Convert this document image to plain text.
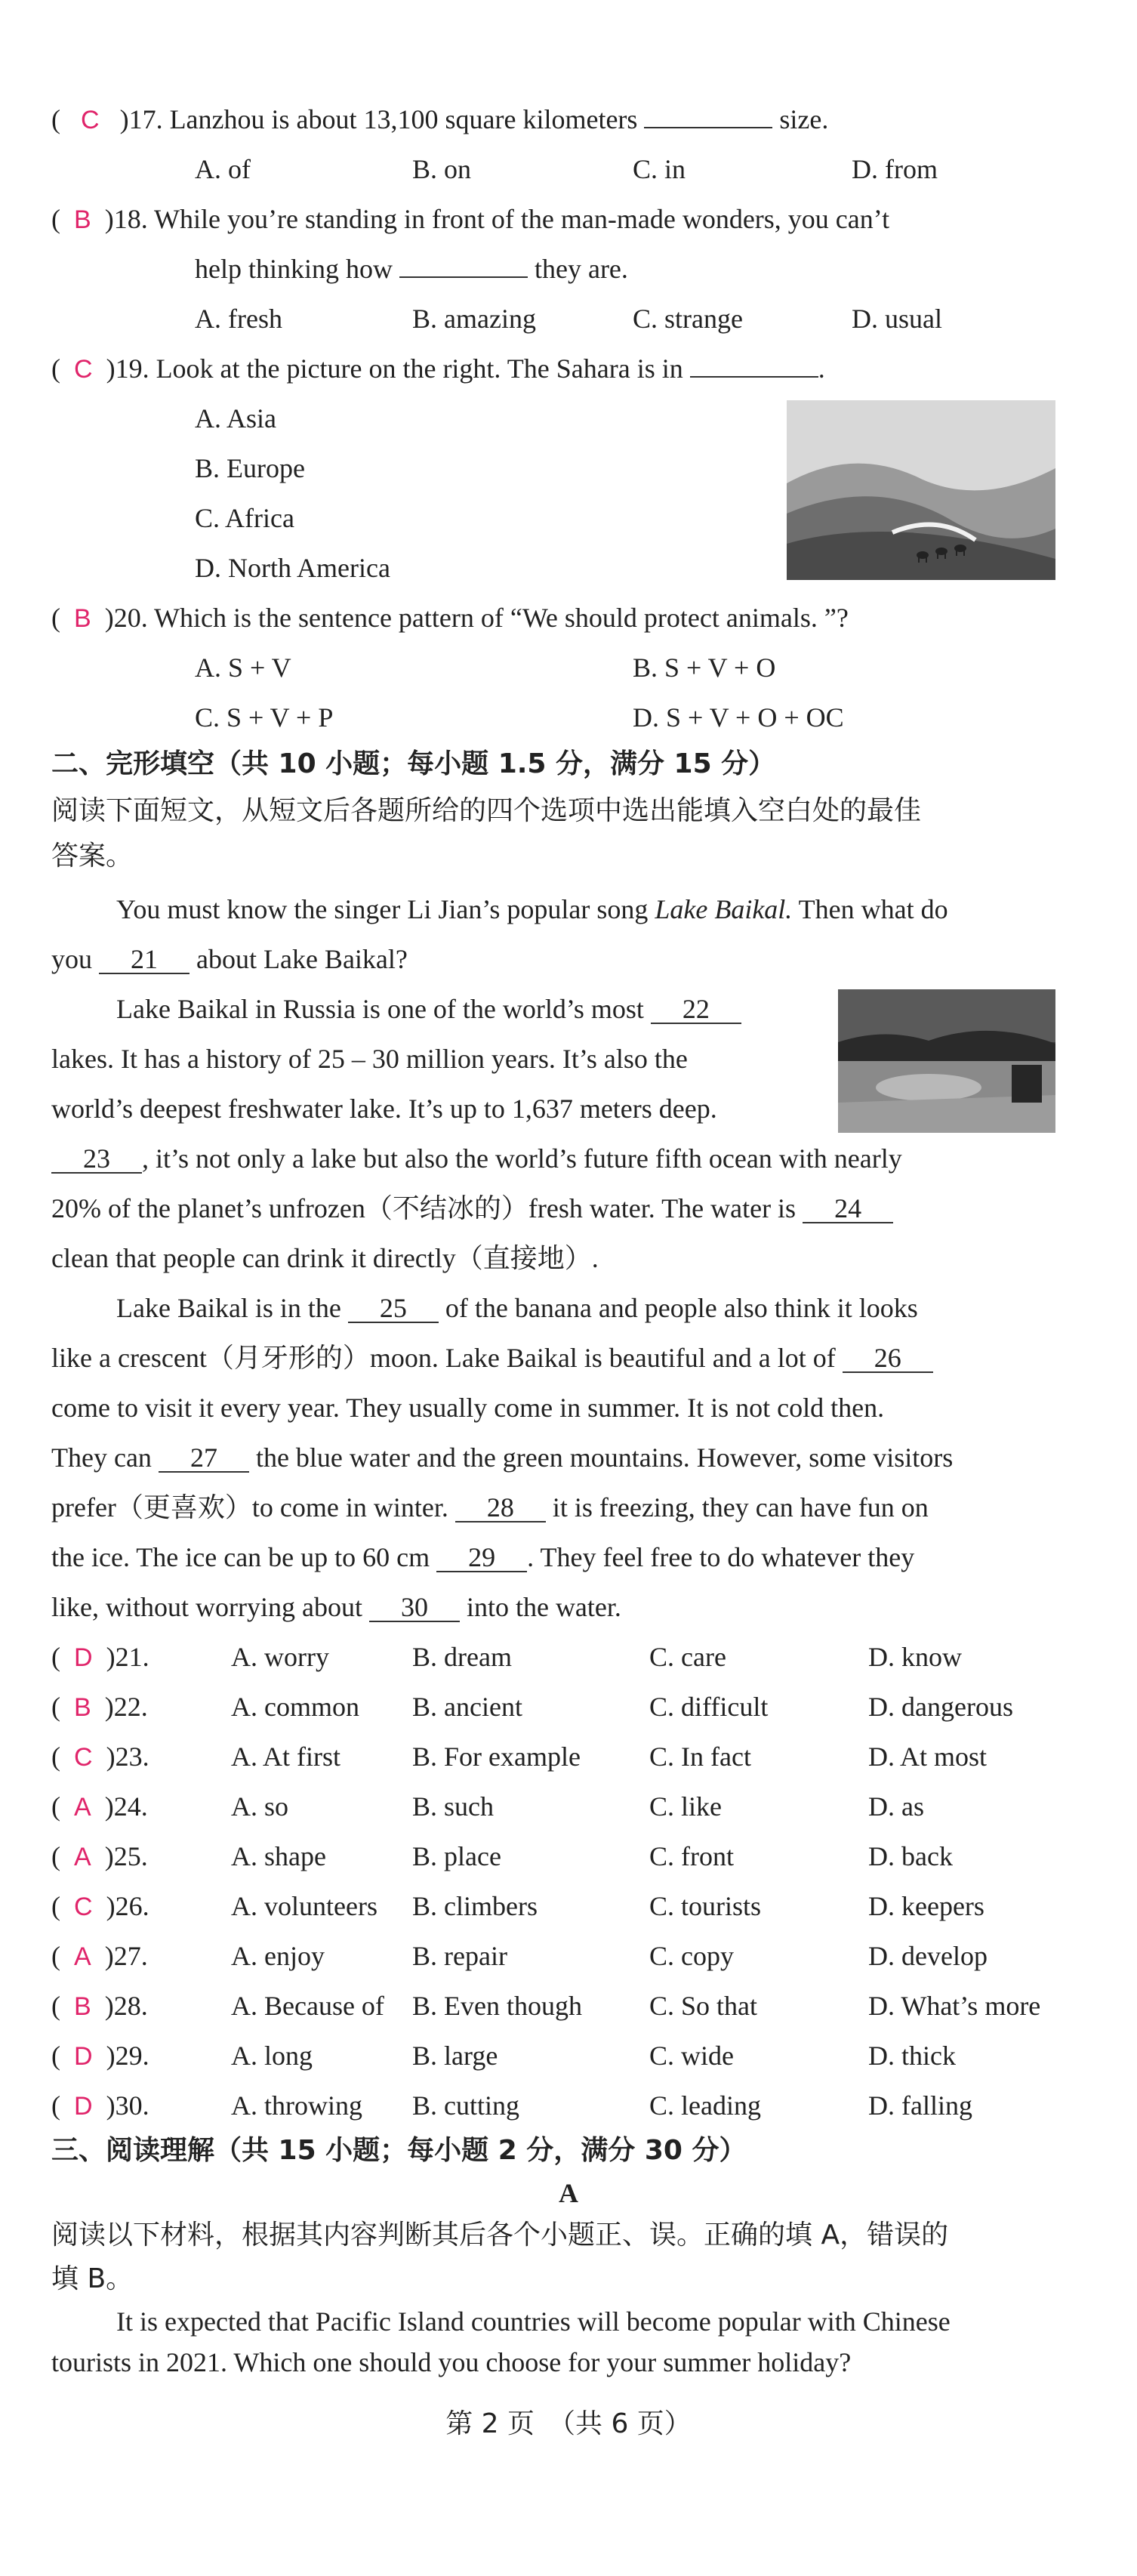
( C )17. Lanzhou is about 13,100 square kilometers	size.
A. of	B. on	C. in	D. from
( B )18. While you’re standing in front of the man-made wonders, you can’t
help thinking how	they are.
A. fresh	B. amazing	C. strange	D. usual
( C )19. Look at the picture on the right. The Sahara is in	.
A. Asia
B. Europe
C. Africa
D. North America
( B )20. Which is the sentence pattern of “We should protect animals. ”?
A. S + V	B. S + V + O
C. S + V + P	D. S + V + O + OC
二、完形填空（共 10 小题；每小题 1.5 分，满分 15 分）
阅读下面短文，从短文后各题所给的四个选项中选出能填入空白处的最佳
答案。
You must know the singer Li Jian’s popular song Lake Baikal. Then what do
you 21 about Lake Baikal?
Lake Baikal in Russia is one of the world’s most 22
lakes. It has a history of 25 – 30 million years. It’s also the
world’s deepest freshwater lake. It’s up to 1,637 meters deep.
23 , it’s not only a lake but also the world’s future fifth ocean with nearly
20% of the planet’s unfrozen（不结冰的）fresh water. The water is 24
clean that people can drink it directly（直接地）.
Lake Baikal is in the 25 of the banana and people also think it looks
like a crescent（月牙形的）moon. Lake Baikal is beautiful and a lot of 26
come to visit it every year. They usually come in summer. It is not cold then.
They can 27 the blue water and the green mountains. However, some visitors
prefer（更喜欢）to come in winter. 28 it is freezing, they can have fun on
the ice. The ice can be up to 60 cm 29 . They feel free to do whatever they
like, without worrying about 30 into the water.
( D )21.	A. worry	B. dream	C. care	D. know
( B )22.	A. common B. ancient	C. difficult	D. dangerous
( C )23.	A. At first	B. For example	C. In fact	D. At most
( A )24.	A. so	B. such	C. like	D. as
( A )25.	A. shape	B. place	C. front	D. back
( C )26.	A. volunteers B. climbers	C. tourists	D. keepers
( A )27.	A. enjoy	B. repair	C. copy	D. develop
( B )28.	A. Because of B. Even though C. So that	D. What’s more
( D )29.	A. long	B. large	C. wide	D. thick
( D )30.	A. throwing B. cutting	C. leading	D. falling
三、阅读理解（共 15 小题；每小题 2 分，满分 30 分）
A
阅读以下材料，根据其内容判断其后各个小题正、误。正确的填 A，错误的
填 B。
It is expected that Pacific Island countries will become popular with Chinese
tourists in 2021. Which one should you choose for your summer holiday?
第 2 页　（共 6 页）
